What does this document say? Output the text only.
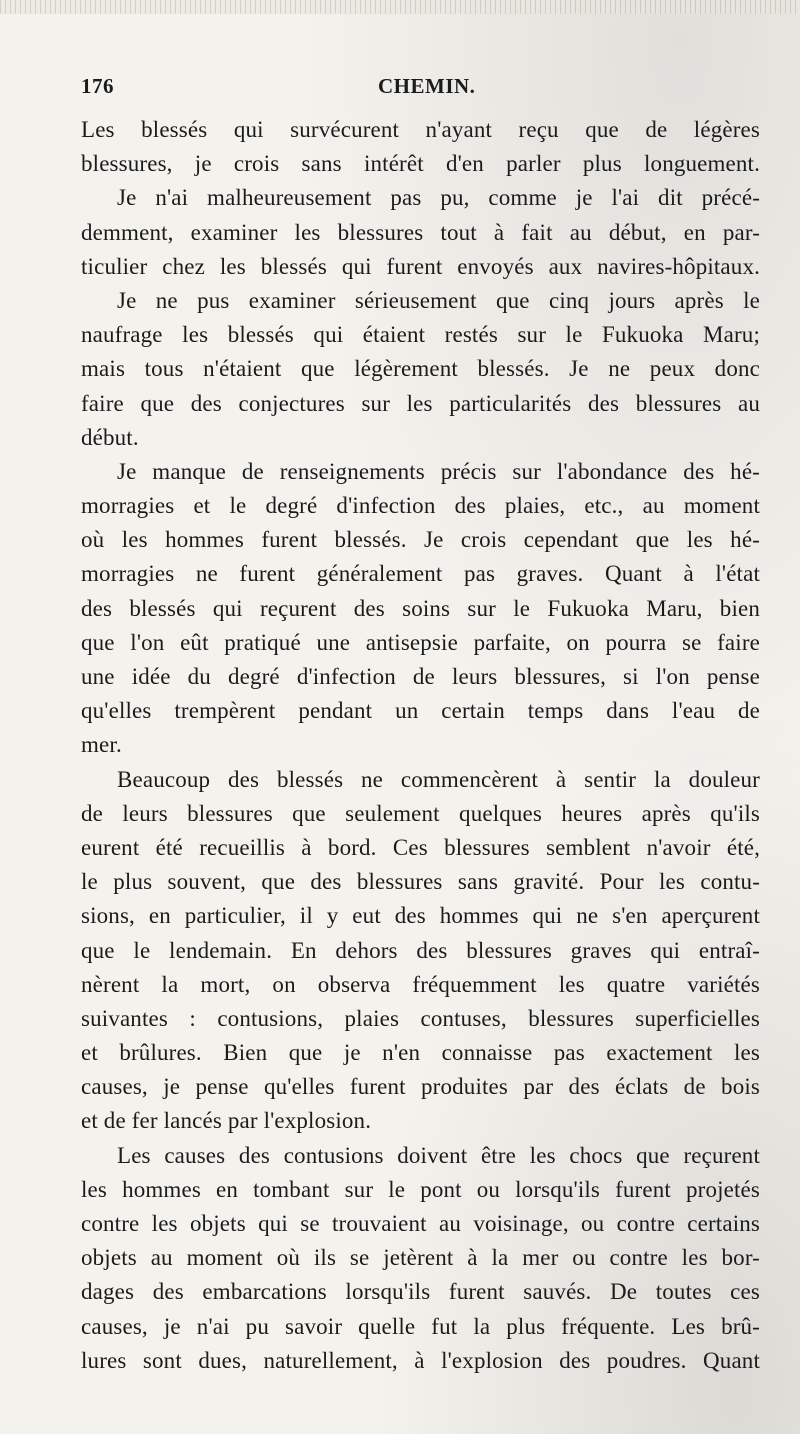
176	CHEMIN.
Les blessés qui survécurent n'ayant reçu que de légères
blessures, je crois sans intérêt d'en parler plus longuement.
Je n'ai malheureusement pas pu, comme je l'ai dit précé-
demment, examiner les blessures tout à fait au début, en par-
ticulier chez les blessés qui furent envoyés aux navires-hôpitaux.
Je ne pus examiner sérieusement que cinq jours après le
naufrage les blessés qui étaient restés sur le Fukuoka Maru;
mais tous n'étaient que légèrement blessés. Je ne peux donc
faire que des conjectures sur les particularités des blessures au
début.
Je manque de renseignements précis sur l'abondance des hé-
morragies et le degré d'infection des plaies, etc., au moment
où les hommes furent blessés. Je crois cependant que les hé-
morragies ne furent généralement pas graves. Quant à l'état
des blessés qui reçurent des soins sur le Fukuoka Maru, bien
que l'on eût pratiqué une antisepsie parfaite, on pourra se faire
une idée du degré d'infection de leurs blessures, si l'on pense
qu'elles trempèrent pendant un certain temps dans l'eau de
mer.
Beaucoup des blessés ne commencèrent à sentir la douleur
de leurs blessures que seulement quelques heures après qu'ils
eurent été recueillis à bord. Ces blessures semblent n'avoir été,
le plus souvent, que des blessures sans gravité. Pour les contu-
sions, en particulier, il y eut des hommes qui ne s'en aperçurent
que le lendemain. En dehors des blessures graves qui entraî-
nèrent la mort, on observa fréquemment les quatre variétés
suivantes : contusions, plaies contuses, blessures superficielles
et brûlures. Bien que je n'en connaisse pas exactement les
causes, je pense qu'elles furent produites par des éclats de bois
et de fer lancés par l'explosion.
Les causes des contusions doivent être les chocs que reçurent
les hommes en tombant sur le pont ou lorsqu'ils furent projetés
contre les objets qui se trouvaient au voisinage, ou contre certains
objets au moment où ils se jetèrent à la mer ou contre les bor-
dages des embarcations lorsqu'ils furent sauvés. De toutes ces
causes, je n'ai pu savoir quelle fut la plus fréquente. Les brû-
lures sont dues, naturellement, à l'explosion des poudres. Quant
